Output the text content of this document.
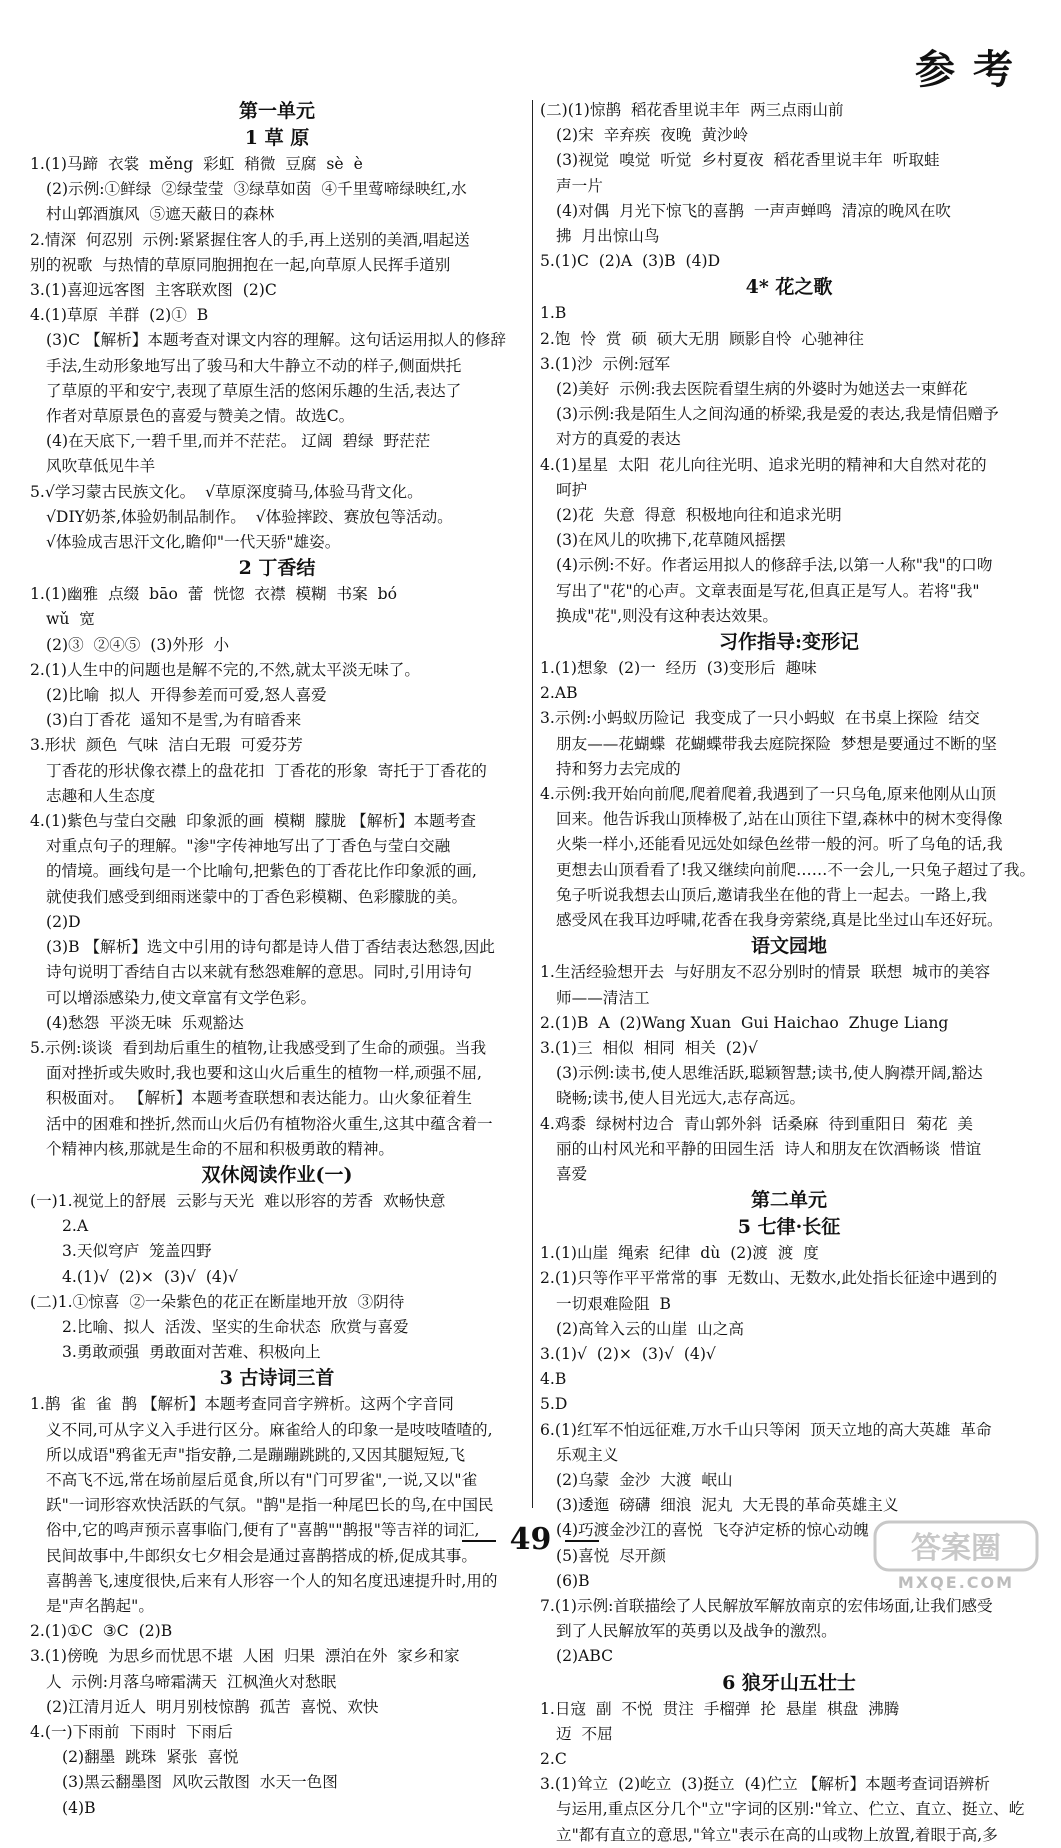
参考
第一单元
1 草 原
1.(1)马蹄  衣裳  měng  彩虹  稍微  豆腐  sè  è
(2)示例:①鲜绿  ②绿莹莹  ③绿草如茵  ④千里莺啼绿映红,水
村山郭酒旗风  ⑤遮天蔽日的森林
2.情深  何忍别  示例:紧紧握住客人的手,再上送别的美酒,唱起送
别的祝歌  与热情的草原同胞拥抱在一起,向草原人民挥手道别
3.(1)喜迎远客图  主客联欢图  (2)C
4.(1)草原  羊群  (2)①  B
(3)C 【解析】本题考查对课文内容的理解。这句话运用拟人的修辞
手法,生动形象地写出了骏马和大牛静立不动的样子,侧面烘托
了草原的平和安宁,表现了草原生活的悠闲乐趣的生活,表达了
作者对草原景色的喜爱与赞美之情。故选C。
(4)在天底下,一碧千里,而并不茫茫。 辽阔  碧绿  野茫茫
风吹草低见牛羊
5.√学习蒙古民族文化。  √草原深度骑马,体验马背文化。
√DIY奶茶,体验奶制品制作。  √体验摔跤、赛放包等活动。
√体验成吉思汗文化,瞻仰"一代天骄"雄姿。
2 丁香结
1.(1)幽雅  点缀  bāo  蕾  恍惚  衣襟  模糊  书案  bó
wǔ  宽
(2)③  ②④⑤  (3)外形  小
2.(1)人生中的问题也是解不完的,不然,就太平淡无味了。
(2)比喻  拟人  开得参差而可爱,怒人喜爱
(3)白丁香花  遥知不是雪,为有暗香来
3.形状  颜色  气味  洁白无瑕  可爱芬芳
丁香花的形状像衣襟上的盘花扣  丁香花的形象  寄托于丁香花的
志趣和人生态度
4.(1)紫色与莹白交融  印象派的画  模糊  朦胧 【解析】本题考查
对重点句子的理解。"渗"字传神地写出了丁香色与莹白交融
的情境。画线句是一个比喻句,把紫色的丁香花比作印象派的画,
就使我们感受到细雨迷蒙中的丁香色彩模糊、色彩朦胧的美。
(2)D
(3)B 【解析】选文中引用的诗句都是诗人借丁香结表达愁怨,因此
诗句说明丁香结自古以来就有愁怨难解的意思。同时,引用诗句
可以增添感染力,使文章富有文学色彩。
(4)愁怨  平淡无味  乐观豁达
5.示例:谈谈  看到劫后重生的植物,让我感受到了生命的顽强。当我
面对挫折或失败时,我也要和这山火后重生的植物一样,顽强不屈,
积极面对。 【解析】本题考查联想和表达能力。山火象征着生
活中的困难和挫折,然而山火后仍有植物浴火重生,这其中蕴含着一
个精神内核,那就是生命的不屈和积极勇敢的精神。
双休阅读作业(一)
(一)1.视觉上的舒展  云影与天光  难以形容的芳香  欢畅快意
2.A
3.天似穹庐  笼盖四野
4.(1)√  (2)×  (3)√  (4)√
(二)1.①惊喜  ②一朵紫色的花正在断崖地开放  ③阴待
2.比喻、拟人  活泼、坚实的生命状态  欣赏与喜爱
3.勇敢顽强  勇敢面对苦难、积极向上
3 古诗词三首
1.鹊  雀  雀  鹊 【解析】本题考查同音字辨析。这两个字音同
义不同,可从字义入手进行区分。麻雀给人的印象一是吱吱喳喳的,
所以成语"鸦雀无声"指安静,二是蹦蹦跳跳的,又因其腿短短,飞
不高飞不远,常在场前屋后觅食,所以有"门可罗雀",一说,又以"雀
跃"一词形容欢快活跃的气氛。"鹊"是指一种尾巴长的鸟,在中国民
俗中,它的鸣声预示喜事临门,便有了"喜鹊""鹊报"等吉祥的词汇,
民间故事中,牛郎织女七夕相会是通过喜鹊搭成的桥,促成其事。
喜鹊善飞,速度很快,后来有人形容一个人的知名度迅速提升时,用的
是"声名鹊起"。
2.(1)①C  ③C  (2)B
3.(1)傍晚  为思乡而忧思不堪  人困  归果  漂泊在外  家乡和家
人  示例:月落乌啼霜满天  江枫渔火对愁眠
(2)江清月近人  明月别枝惊鹊  孤苦  喜悦、欢快
4.(一)下雨前  下雨时  下雨后
(2)翻墨  跳珠  紧张  喜悦
(3)黑云翻墨图  风吹云散图  水天一色图
(4)B
(二)(1)惊鹊  稻花香里说丰年  两三点雨山前
(2)宋  辛弃疾  夜晚  黄沙岭
(3)视觉  嗅觉  听觉  乡村夏夜  稻花香里说丰年  听取蛙
声一片
(4)对偶  月光下惊飞的喜鹊  一声声蝉鸣  清凉的晚风在吹
拂  月出惊山鸟
5.(1)C  (2)A  (3)B  (4)D
4* 花之歌
1.B
2.饱  怜  赏  硕  硕大无朋  顾影自怜  心驰神往
3.(1)沙  示例:冠军
(2)美好  示例:我去医院看望生病的外婆时为她送去一束鲜花
(3)示例:我是陌生人之间沟通的桥梁,我是爱的表达,我是情侣赠予
对方的真爱的表达
4.(1)星星  太阳  花儿向往光明、追求光明的精神和大自然对花的
呵护
(2)花  失意  得意  积极地向往和追求光明
(3)在风儿的吹拂下,花草随风摇摆
(4)示例:不好。作者运用拟人的修辞手法,以第一人称"我"的口吻
写出了"花"的心声。文章表面是写花,但真正是写人。若将"我"
换成"花",则没有这种表达效果。
习作指导:变形记
1.(1)想象  (2)一  经历  (3)变形后  趣味
2.AB
3.示例:小蚂蚁历险记  我变成了一只小蚂蚁  在书桌上探险  结交
朋友——花蝴蝶  花蝴蝶带我去庭院探险  梦想是要通过不断的坚
持和努力去完成的
4.示例:我开始向前爬,爬着爬着,我遇到了一只乌龟,原来他刚从山顶
回来。他告诉我山顶棒极了,站在山顶往下望,森林中的树木变得像
火柴一样小,还能看见远处如绿色丝带一般的河。听了乌龟的话,我
更想去山顶看看了!我又继续向前爬……不一会儿,一只兔子超过了我。
兔子听说我想去山顶后,邀请我坐在他的背上一起去。一路上,我
感受风在我耳边呼啸,花香在我身旁萦绕,真是比坐过山车还好玩。
语文园地
1.生活经验想开去  与好朋友不忍分别时的情景  联想  城市的美容
师——清洁工
2.(1)B  A  (2)Wang Xuan  Gui Haichao  Zhuge Liang
3.(1)三  相似  相同  相关  (2)√
(3)示例:读书,使人思维活跃,聪颖智慧;读书,使人胸襟开阔,豁达
晓畅;读书,使人目光远大,志存高远。
4.鸡黍  绿树村边合  青山郭外斜  话桑麻  待到重阳日  菊花  美
丽的山村风光和平静的田园生活  诗人和朋友在饮酒畅谈  惜谊
喜爱
第二单元
5 七律·长征
1.(1)山崖  绳索  纪律  dù  (2)渡  渡  度
2.(1)只等作平平常常的事  无数山、无数水,此处指长征途中遇到的
一切艰难险阻  B
(2)高耸入云的山崖  山之高
3.(1)√  (2)×  (3)√  (4)√
4.B
5.D
6.(1)红军不怕远征难,万水千山只等闲  顶天立地的高大英雄  革命
乐观主义
(2)乌蒙  金沙  大渡  岷山
(3)逶迤  磅礴  细浪  泥丸  大无畏的革命英雄主义
(4)巧渡金沙江的喜悦  飞夺泸定桥的惊心动魄
(5)喜悦  尽开颜
(6)B
7.(1)示例:首联描绘了人民解放军解放南京的宏伟场面,让我们感受
到了人民解放军的英勇以及战争的激烈。
(2)ABC
6 狼牙山五壮士
1.日寇  副  不悦  贯注  手榴弹  抡  悬崖  棋盘  沸腾
迈  不屈
2.C
3.(1)耸立  (2)屹立  (3)挺立  (4)伫立 【解析】本题考查词语辨析
与运用,重点区分几个"立"字词的区别:"耸立、伫立、直立、挺立、屹
立"都有直立的意思,"耸立"表示在高的山或物上放置,着眼于高,多
49	答案圈
MXQE.COM
